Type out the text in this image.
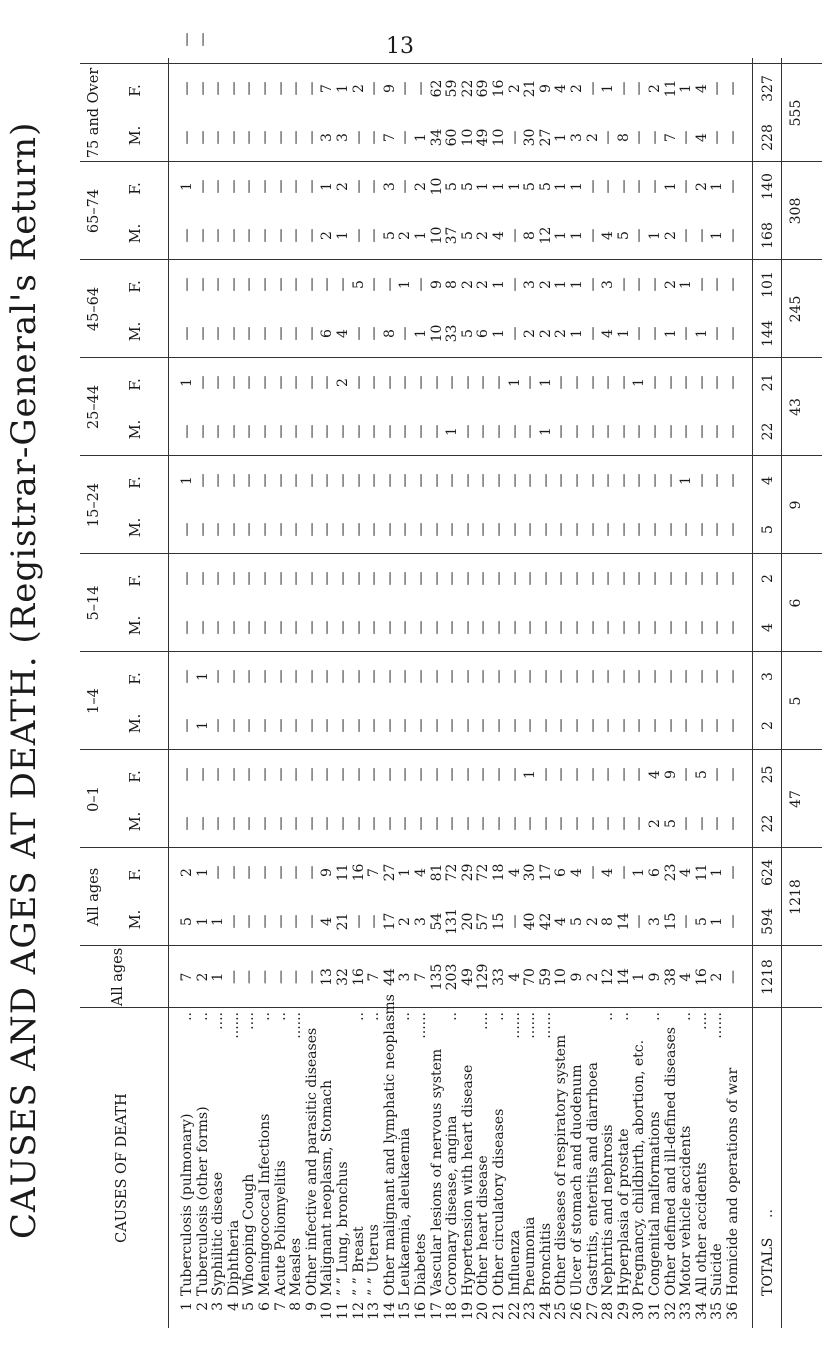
13
CAUSES AND AGES AT DEATH. (Registrar-General's Return)	CAUSES OF DEATH
All ages
All ages M.F.
0–1
M.F.
1–4
M.F.
5–14
M.F.
15–24
M.F.
25–44
M.F.
45–64
M.F.
65–74
M.F.
75 and Over M.F.
1
Tuberculosis (pulmonary)
..
7
5
2
—
—
—
—
—
—
—
1
—
1
—
—
—
1
—
—
—
2
Tuberculosis (other forms)
..
2
1
1
—
—
1
1
—
—
—
—
—
—
—
—
—
—
—
—
—
3
Syphilitic disease
....
1
1
—
—
—
—
—
—
—
—
—
—
—
—
—
—
—
—
—
4
Diphtheria
......
—
—
—
—
—
—
—
—
—
—
—
—
—
—
—
—
—
—
—
5
Whooping Cough
....
—
—
—
—
—
—
—
—
—
—
—
—
—
—
—
—
—
—
—
6
Meningococcal Infections
..
—
—
—
—
—
—
—
—
—
—
—
—
—
—
—
—
—
—
—
7
Acute Poliomyelitis
..
—
—
—
—
—
—
—
—
—
—
—
—
—
—
—
—
—
—
—
8
Measles
......
—
—
—
—
—
—
—
—
—
—
—
—
—
—
—
—
—
—
—
9
Other infective and parasitic diseases
—
—
—
—
—
—
—
—
—
—
—
—
—
—
—
—
—
—
—
10
Malignant neoplasm, Stomach
13
4
9
—
—
—
—
—
—
—
—
—
—
6
—
2
1
3
7
11
” ” Lung, bronchus
32
21
11
—
—
—
—
—
—
—
—
—
2
4
—
1
2
3
1
12
” ” Breast
..
16
—
16
—
—
—
—
—
—
—
—
—
—
—
5
—
—
—
2
13
” ” Uterus
..
7
—
7
—
—
—
—
—
—
—
—
—
—
—
—
—
—
—
—
14
Other malignant and lymphatic neoplasms
44
17
27
—
—
—
—
—
—
—
—
—
—
8
—
5
3
7
9
15
Leukaemia, aleukaemia
..
3
2
1
—
—
—
—
—
—
—
—
—
—
—
1
2
—
—
—
16
Diabetes
......
7
3
4
—
—
—
—
—
—
—
—
—
—
1
—
1
2
1
—
17
Vascular lesions of nervous system
135
54
81
—
—
—
—
—
—
—
—
—
—
10
9
10
10
34
62
18
Coronary disease, angina
..
203
131
72
—
—
—
—
—
—
—
—
1
—
33
8
37
5
60
59
19
Hypertension with heart disease
49
20
29
—
—
—
—
—
—
—
—
—
—
5
2
5
5
10
22
20
Other heart disease
....
129
57
72
—
—
—
—
—
—
—
—
—
—
6
2
2
1
49
69
21
Other circulatory diseases
..
33
15
18
—
—
—
—
—
—
—
—
—
—
1
1
4
1
10
16
22
Influenza
......
4
—
4
—
—
—
—
—
—
—
—
—
1
—
—
—
1
—
2
23
Pneumonia
......
70
40
30
—
1
—
—
—
—
—
—
—
—
2
3
8
5
30
21
24
Bronchitis
......
59
42
17
—
—
—
—
—
—
—
—
1
1
2
2
12
5
27
9
25
Other diseases of respiratory system
10
4
6
—
—
—
—
—
—
—
—
—
—
2
1
1
1
1
4
26
Ulcer of stomach and duodenum
9
5
4
—
—
—
—
—
—
—
—
—
—
1
1
1
1
3
2
27
Gastritis, enteritis and diarrhoea
2
2
—
—
—
—
—
—
—
—
—
—
—
—
—
—
—
2
—
28
Nephritis and nephrosis
..
12
8
4
—
—
—
—
—
—
—
—
—
—
4
3
4
—
—
1
29
Hyperplasia of prostate
..
14
14
—
—
—
—
—
—
—
—
—
—
—
1
—
5
—
8
—
30
Pregnancy, childbirth, abortion, etc.
1
—
1
—
—
—
—
—
—
—
—
—
1
—
—
—
—
—
—
31
Congenital malformations
..
9
3
6
2
4
—
—
—
—
—
—
—
—
—
—
1
—
—
2
32
Other defined and ill-defined diseases
38
15
23
5
9
—
—
—
—
—
—
—
—
1
2
2
1
7
11
33
Motor vehicle accidents
..
4
—
4
—
—
—
—
—
—
—
1
—
—
—
1
—
—
—
1
34
All other accidents
....
16
5
11
—
5
—
—
—
—
—
—
—
—
1
—
—
2
4
4
35
Suicide
......
2
1
1
—
—
—
—
—
—
—
—
—
—
—
—
1
1
—
—
36
Homicide and operations of war
—
—
—
—
—
—
—
—
—
—
—
—
—
—
—
—
—
—
—
TOTALS
..
1218
594
624
22
25
2
3
4
2
5
4
22
21
144
101
168
140
228
327
1218
47
5
6
9
43
245
308
555
